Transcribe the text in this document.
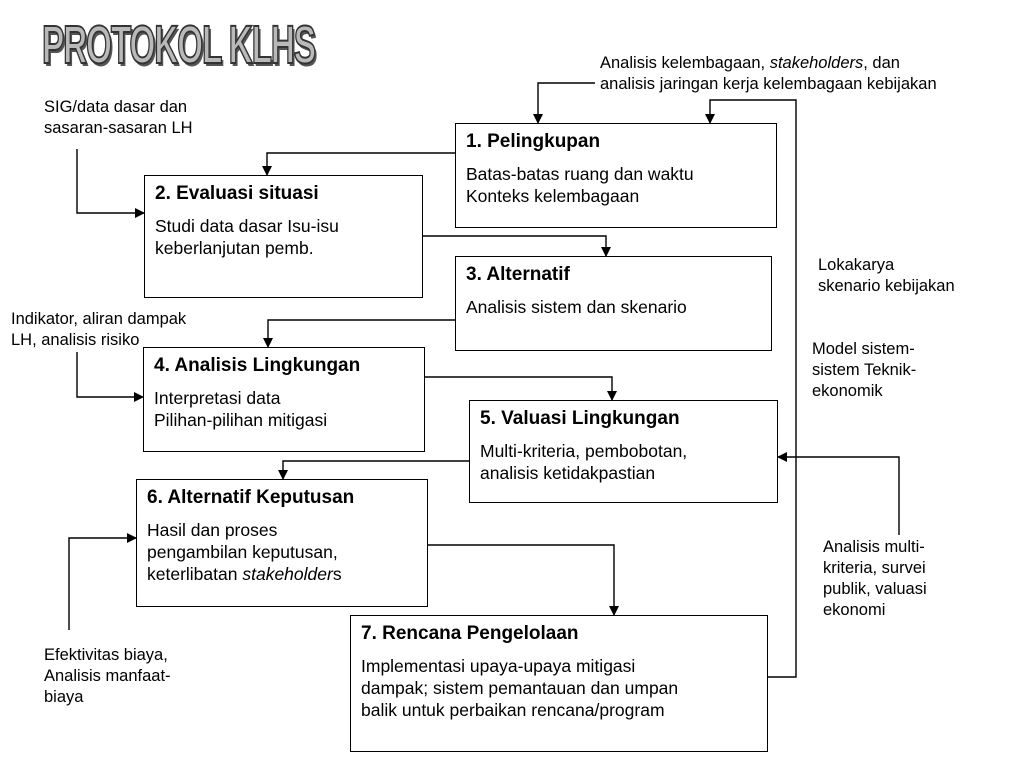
PROTOKOL KLHS
1. Pelingkupan
Batas-batas ruang dan waktu
Konteks kelembagaan
2. Evaluasi situasi
Studi data dasar Isu-isu
keberlanjutan pemb.
3. Alternatif
Analisis sistem dan skenario
4. Analisis Lingkungan
Interpretasi data
Pilihan-pilihan mitigasi	5. Valuasi Lingkungan
Multi-kriteria, pembobotan,
analisis ketidakpastian
6. Alternatif Keputusan
Hasil dan proses
pengambilan keputusan,
keterlibatan stakeholders
7. Rencana Pengelolaan
Implementasi upaya-upaya mitigasi
dampak; sistem pemantauan dan umpan
balik untuk perbaikan rencana/program
Analisis kelembagaan, stakeholders, dan
analisis jaringan kerja kelembagaan kebijakan
SIG/data dasar dan
sasaran-sasaran LH
Indikator, aliran dampak
LH, analisis risiko
Lokakarya
skenario kebijakan
Model sistem-
sistem Teknik-
ekonomik
Analisis multi-
kriteria, survei
publik, valuasi
ekonomi
Efektivitas biaya,
Analisis manfaat-
biaya
